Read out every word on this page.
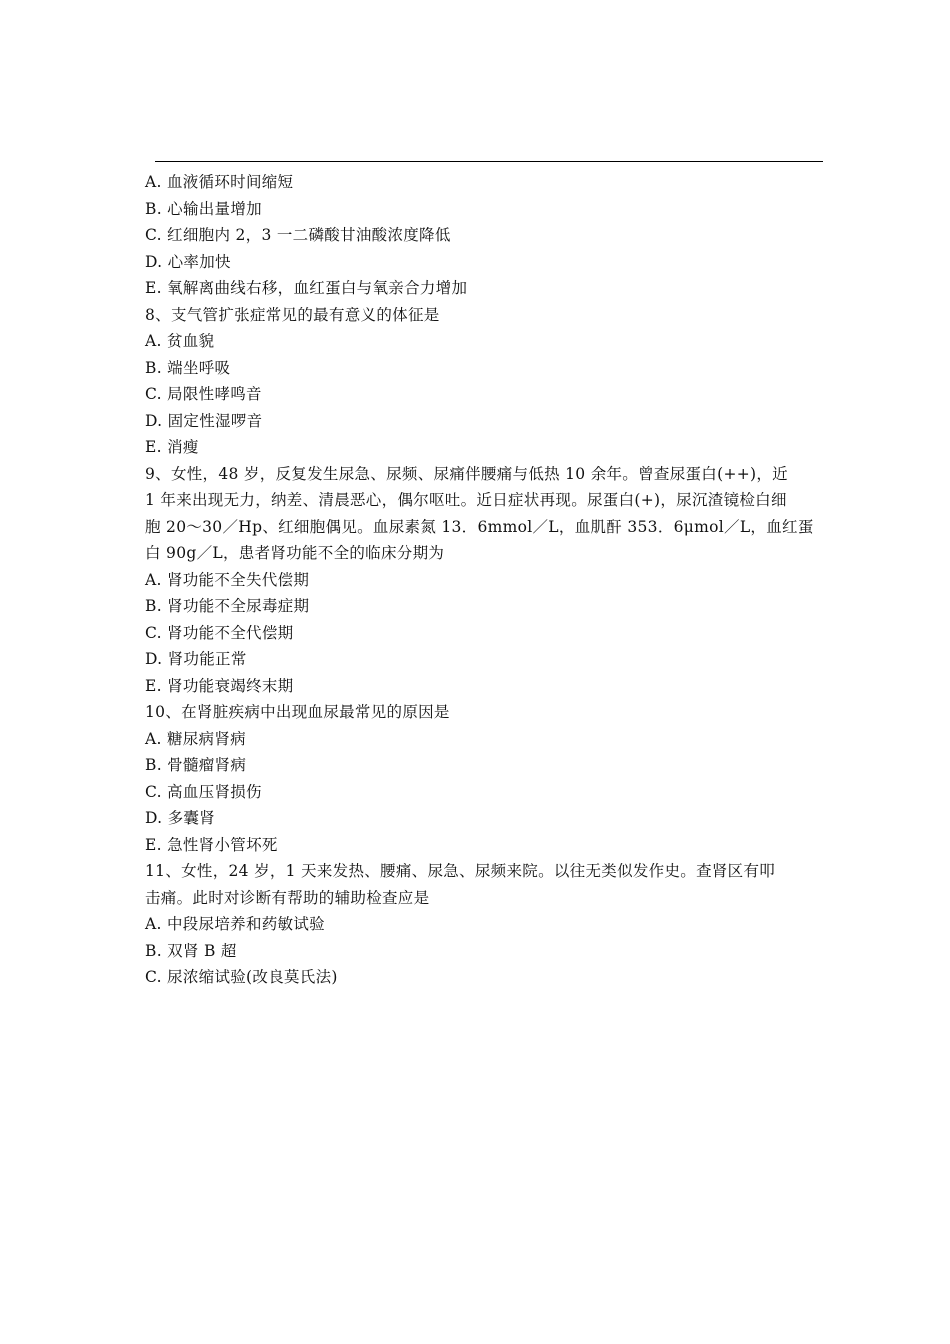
A. 血液循环时间缩短
B. 心输出量增加
C. 红细胞内 2，3 一二磷酸甘油酸浓度降低
D. 心率加快
E. 氧解离曲线右移，血红蛋白与氧亲合力增加
8、支气管扩张症常见的最有意义的体征是
A. 贫血貌
B. 端坐呼吸
C. 局限性哮鸣音
D. 固定性湿啰音
E. 消瘦
9、女性，48 岁，反复发生尿急、尿频、尿痛伴腰痛与低热 10 余年。曾查尿蛋白(++)，近
1 年来出现无力，纳差、清晨恶心，偶尔呕吐。近日症状再现。尿蛋白(+)，尿沉渣镜检白细
胞 20～30／Hp、红细胞偶见。血尿素氮 13．6mmol／L，血肌酐 353．6μmol／L，血红蛋
白 90g／L，患者肾功能不全的临床分期为
A. 肾功能不全失代偿期
B. 肾功能不全尿毒症期
C. 肾功能不全代偿期
D. 肾功能正常
E. 肾功能衰竭终末期
10、在肾脏疾病中出现血尿最常见的原因是
A. 糖尿病肾病
B. 骨髓瘤肾病
C. 高血压肾损伤
D. 多囊肾
E. 急性肾小管坏死
11、女性，24 岁，1 天来发热、腰痛、尿急、尿频来院。以往无类似发作史。查肾区有叩
击痛。此时对诊断有帮助的辅助检查应是
A. 中段尿培养和药敏试验
B. 双肾 B 超
C. 尿浓缩试验(改良莫氏法)
